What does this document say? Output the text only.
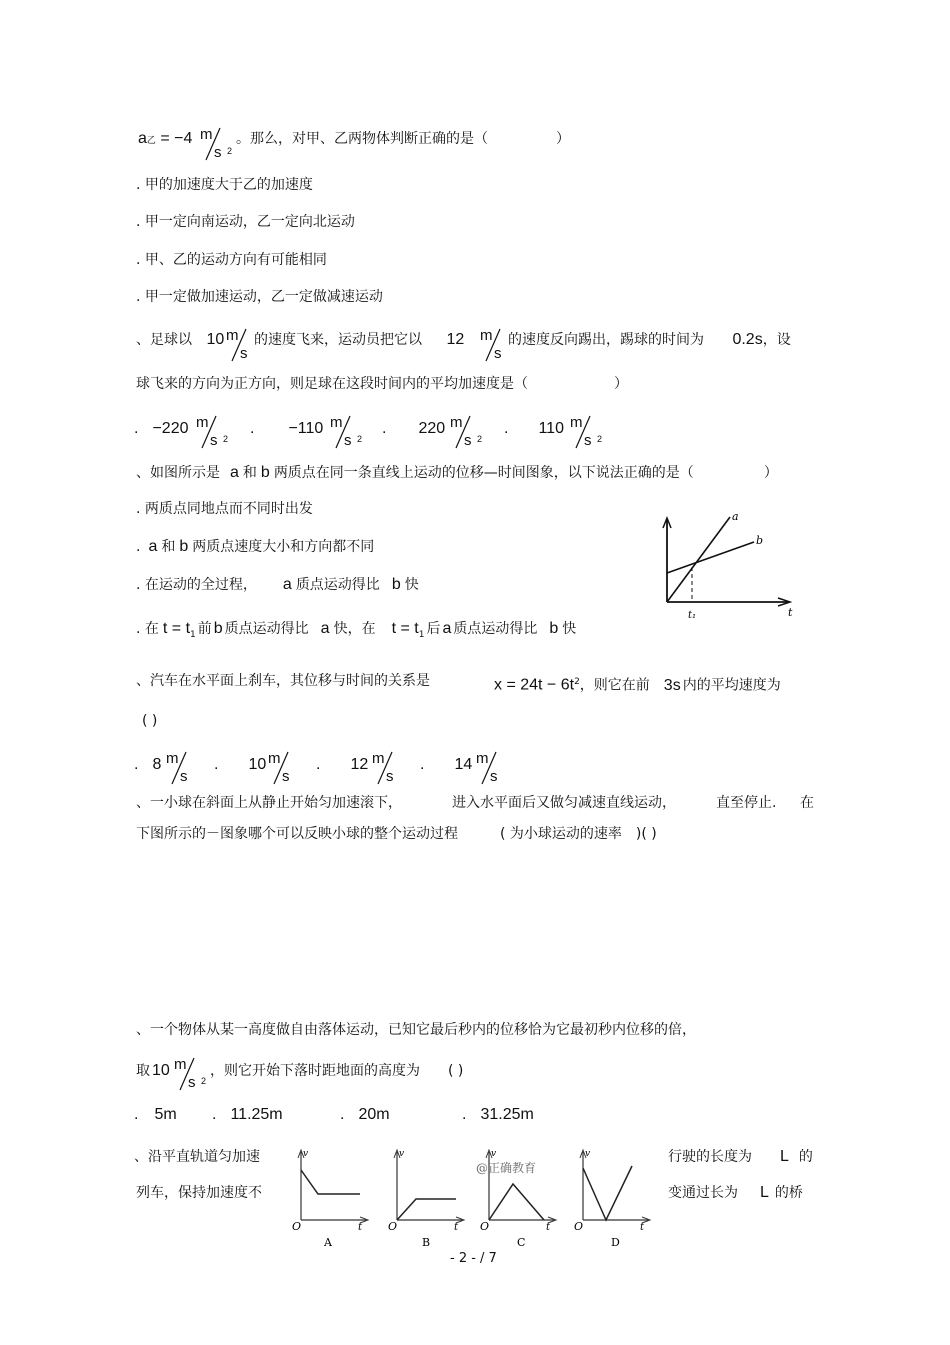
a乙 = −4 m
s 2
。那么，对甲、乙两物体判断正确的是（	）
. 甲的加速度大于乙的加速度
. 甲一定向南运动，乙一定向北运动
. 甲、乙的运动方向有可能相同
. 甲一定做加速运动，乙一定做减速运动
、足球以 10 m
s
的速度飞来，运动员把它以 12 m
s
的速度反向踢出，踢球的时间为 0.2s，设
球飞来的方向为正方向，则足球在这段时间内的平均加速度是（	）
. −220 m
s 2
. −110 m
s 2
. 220 m
s 2
. 110 m
s 2
、如图所示是 a 和 b 两质点在同一条直线上运动的位移—时间图象，以下说法正确的是（	）
. 两质点同地点而不同时出发
. a 和 b 两质点速度大小和方向都不同
. 在运动的全过程， a 质点运动得比 b 快
. 在 $t = t_1$ 前 b 质点运动得比 a 快，在 $t = t_1$ 后 a 质点运动得比 b 快
a
b
t₁	t
、汽车在水平面上刹车，其位移与时间的关系是	$x = 24t - 6t^2$，则它在前 3s 内的平均速度为
( )
. 8 m
s
. 10 m
s
. 12 m
s
. 14 m
s
、一小球在斜面上从静止开始匀加速滚下，	进入水平面后又做匀减速直线运动，	直至停止. 在
下图所示的－图象哪个可以反映小球的整个运动过程	( 为小球运动的速率 )( )
、一个物体从某一高度做自由落体运动，已知它最后秒内的位移恰为它最初秒内位移的倍，
取 10 m
s 2
，则它开始下落时距地面的高度为 ( )
. 5m . 11.25m	. 20m	. 31.25m
、沿平直轨道匀加速
列车，保持加速度不
行驶的长度为 L 的
变通过长为 L 的桥
v
O	t
A
v
O	t
B
v
O	t
C
@正确教育
v
O	t
D
- 2 - / 7
